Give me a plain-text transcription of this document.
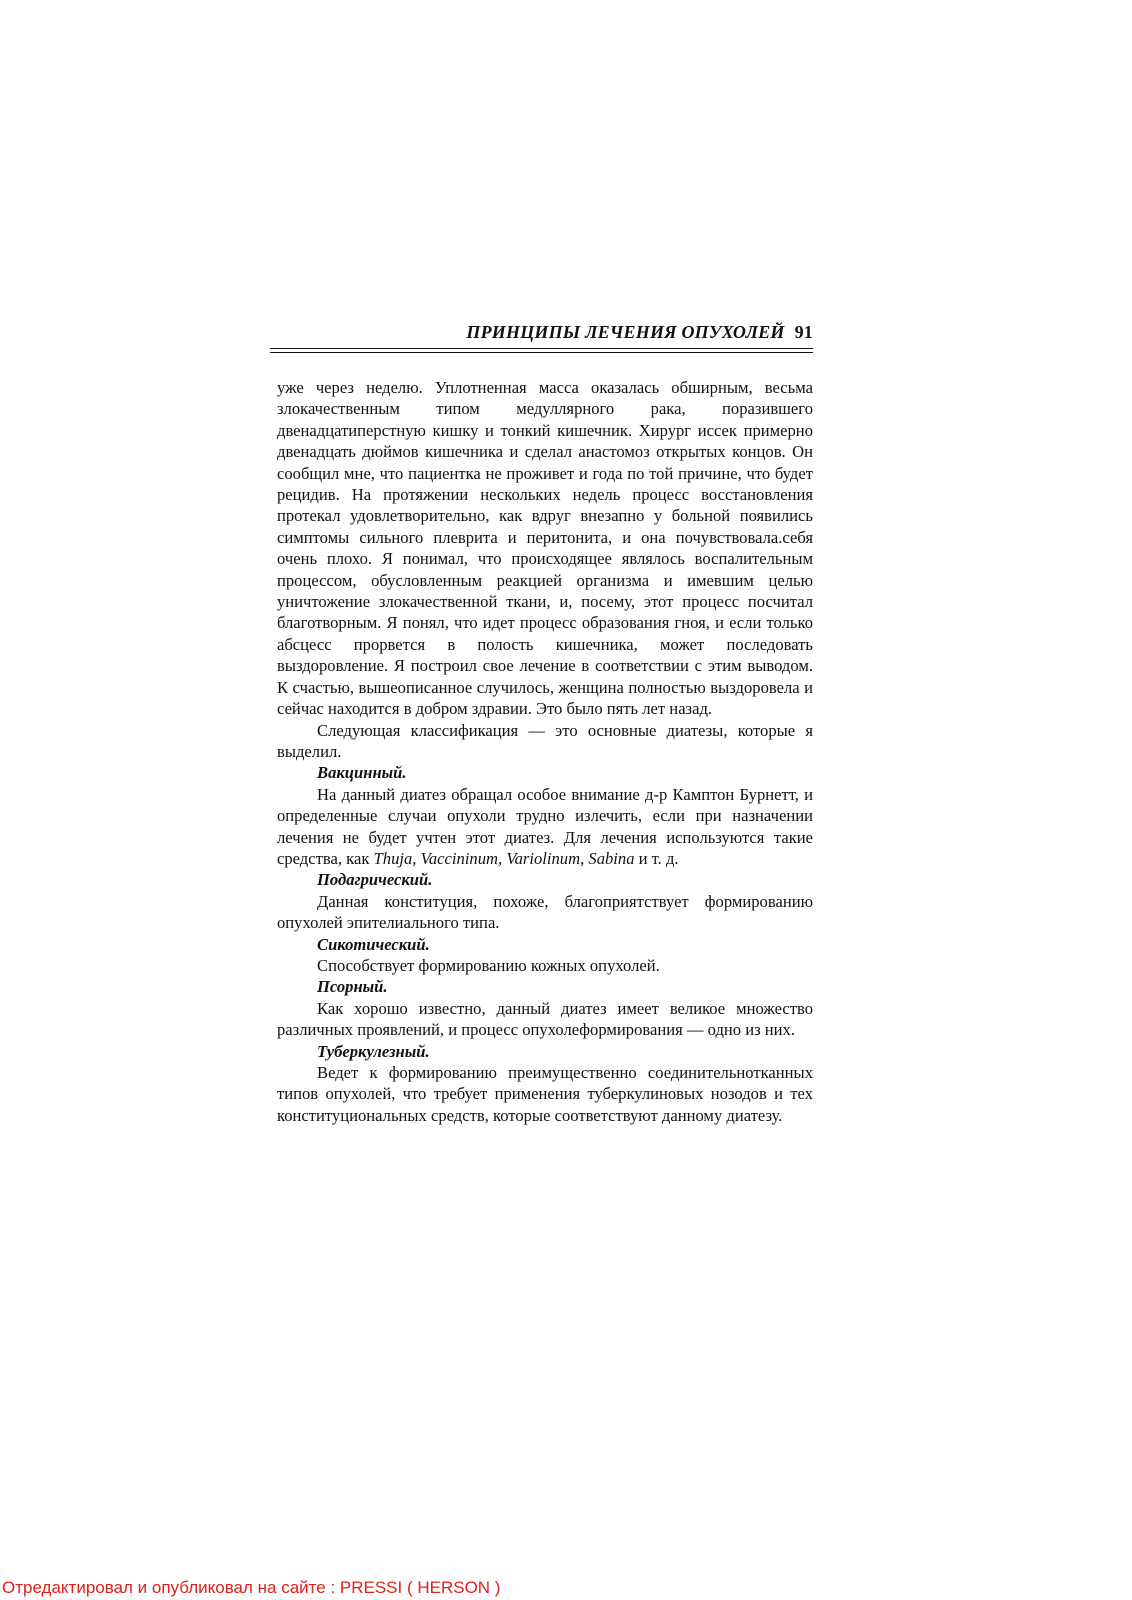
ПРИНЦИПЫ ЛЕЧЕНИЯ ОПУХОЛЕЙ 91

уже через неделю. Уплотненная масса оказалась обширным, весьма злокачественным типом медуллярного рака, поразившего двенадцатиперстную кишку и тонкий кишечник. Хирург иссек примерно двенадцать дюймов кишечника и сделал анастомоз открытых концов. Он сообщил мне, что пациентка не проживет и года по той причине, что будет рецидив. На протяжении нескольких недель процесс восстановления протекал удовлетворительно, как вдруг внезапно у больной появились симптомы сильного плеврита и перитонита, и она почувствовала.себя очень плохо. Я понимал, что происходящее являлось воспалительным процессом, обусловленным реакцией организма и имевшим целью уничтожение злокачественной ткани, и, посему, этот процесс посчитал благотворным. Я понял, что идет процесс образования гноя, и если только абсцесс прорвется в полость кишечника, может последовать выздоровление. Я построил свое лечение в соответствии с этим выводом. К счастью, вышеописанное случилось, женщина полностью выздоровела и сейчас находится в добром здравии. Это было пять лет назад.

Следующая классификация — это основные диатезы, которые я выделил.

Вакцинный.

На данный диатез обращал особое внимание д-р Камптон Бурнетт, и определенные случаи опухоли трудно излечить, если при назначении лечения не будет учтен этот диатез. Для лечения используются такие средства, как Thuja, Vaccininum, Variolinum, Sabina и т. д.

Подагрический.

Данная конституция, похоже, благоприятствует формированию опухолей эпителиального типа.

Сикотический.

Способствует формированию кожных опухолей.

Псорный.

Как хорошо известно, данный диатез имеет великое множество различных проявлений, и процесс опухолеформирования — одно из них.

Туберкулезный.

Ведет к формированию преимущественно соединительнотканных типов опухолей, что требует применения туберкулиновых нозодов и тех конституциональных средств, которые соответствуют данному диатезу.

Отредактировал и опубликовал на сайте : PRESSI ( HERSON )
